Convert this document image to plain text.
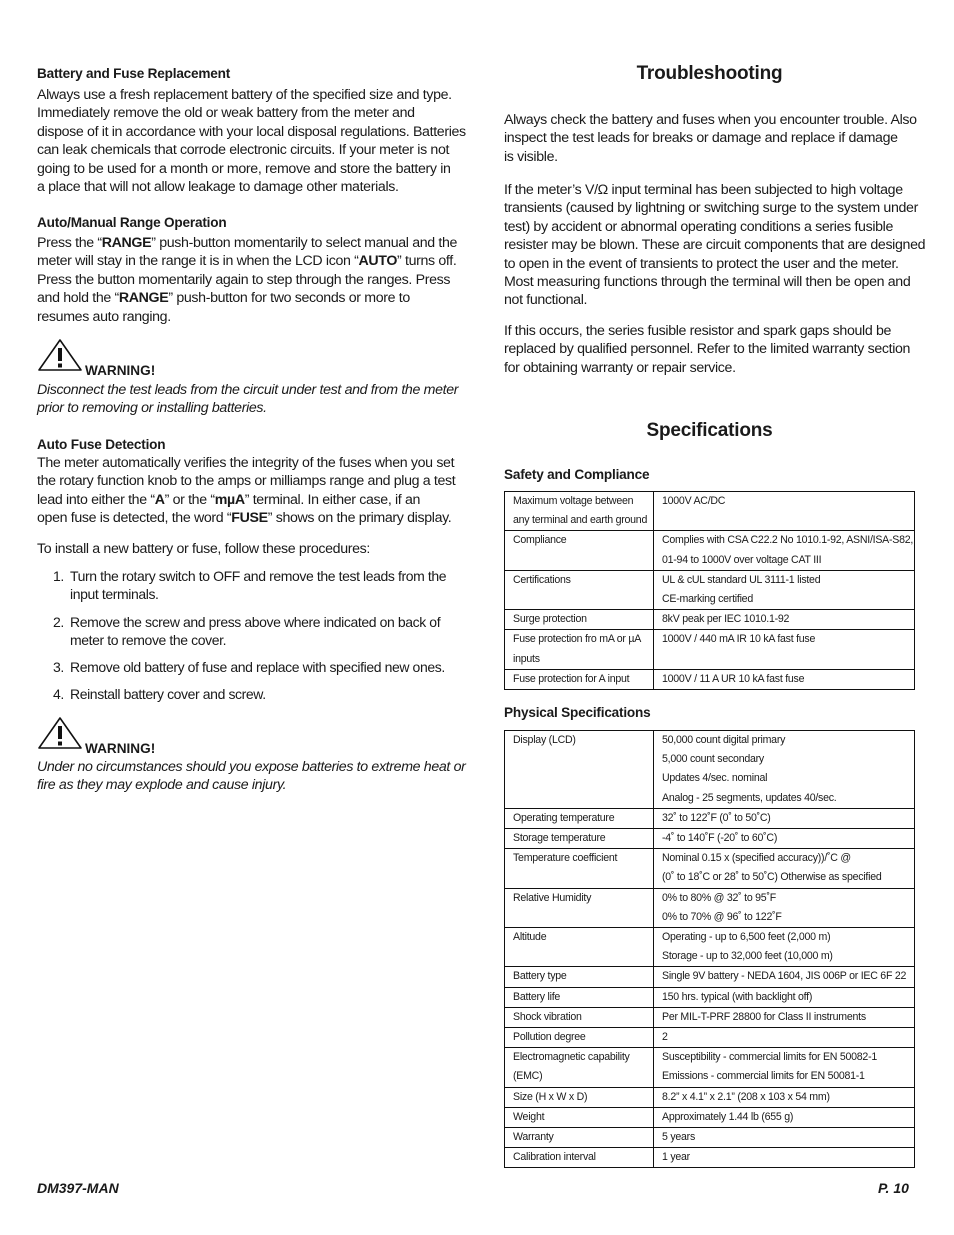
Battery and Fuse Replacement

Always use a fresh replacement battery of the specified size and type.
Immediately remove the old or weak battery from the meter and
dispose of it in accordance with your local disposal regulations. Batteries
can leak chemicals that corrode electronic circuits. If your meter is not
going to be used for a month or more, remove and store the battery in
a place that will not allow leakage to damage other materials.

Auto/Manual Range Operation

Press the “RANGE” push-button momentarily to select manual and the
meter will stay in the range it is in when the LCD icon “AUTO” turns off.
Press the button momentarily again to step through the ranges. Press
and hold the “RANGE” push-button for two seconds or more to
resumes auto ranging.

WARNING!

Disconnect the test leads from the circuit under test and from the meter
prior to removing or installing batteries.

Auto Fuse Detection

The meter automatically verifies the integrity of the fuses when you set
the rotary function knob to the amps or milliamps range and plug a test
lead into either the “A” or the “mµA” terminal. In either case, if an
open fuse is detected, the word “FUSE” shows on the primary display.

To install a new battery or fuse, follow these procedures:

1. Turn the rotary switch to OFF and remove the test leads from the
input terminals.
2. Remove the screw and press above where indicated on back of
meter to remove the cover.
3. Remove old battery of fuse and replace with specified new ones.
4. Reinstall battery cover and screw.
WARNING!

Under no circumstances should you expose batteries to extreme heat or
fire as they may explode and cause injury.

Troubleshooting

Always check the battery and fuses when you encounter trouble. Also
inspect the test leads for breaks or damage and replace if damage
is visible.

If the meter’s V/Ω input terminal has been subjected to high voltage
transients (caused by lightning or switching surge to the system under
test) by accident or abnormal operating conditions a series fusible
resister may be blown. These are circuit components that are designed
to open in the event of transients to protect the user and the meter.
Most measuring functions through the terminal will then be open and
not functional.

If this occurs, the series fusible resistor and spark gaps should be
replaced by qualified personnel. Refer to the limited warranty section
for obtaining warranty or repair service.

Specifications
Safety and Compliance
Maximum voltage between
any terminal and earth ground	1000V AC/DC
Compliance	Complies with CSA C22.2 No 1010.1-92, ASNI/ISA-S82,
01-94 to 1000V over voltage CAT III
Certifications	UL & cUL standard UL 3111-1 listed
CE-marking certified
Surge protection	8kV peak per IEC 1010.1-92
Fuse protection fro mA or µA
inputs	1000V / 440 mA IR 10 kA fast fuse
Fuse protection for A input	1000V / 11 A UR 10 kA fast fuse
Physical Specifications
Display (LCD)	50,000 count digital primary
5,000 count secondary
Updates 4/sec. nominal
Analog - 25 segments, updates 40/sec.
Operating temperature	32˚ to 122˚F (0˚ to 50˚C)
Storage temperature	-4˚ to 140˚F (-20˚ to 60˚C)
Temperature coefficient	Nominal 0.15 x (specified accuracy))/˚C @
(0˚ to 18˚C or 28˚ to 50˚C) Otherwise as specified
Relative Humidity	0% to 80% @ 32˚ to 95˚F
0% to 70% @ 96˚ to 122˚F
Altitude	Operating - up to 6,500 feet (2,000 m)
Storage - up to 32,000 feet (10,000 m)
Battery type	Single 9V battery - NEDA 1604, JIS 006P or IEC 6F 22
Battery life	150 hrs. typical (with backlight off)
Shock vibration	Per MIL-T-PRF 28800 for Class II instruments
Pollution degree	2
Electromagnetic capability
(EMC)	Susceptibility - commercial limits for EN 50082-1
Emissions - commercial limits for EN 50081-1
Size (H x W x D)	8.2” x 4.1” x 2.1” (208 x 103 x 54 mm)
Weight	Approximately 1.44 lb (655 g)
Warranty	5 years
Calibration interval	1 year
DM397-MAN	P. 10
